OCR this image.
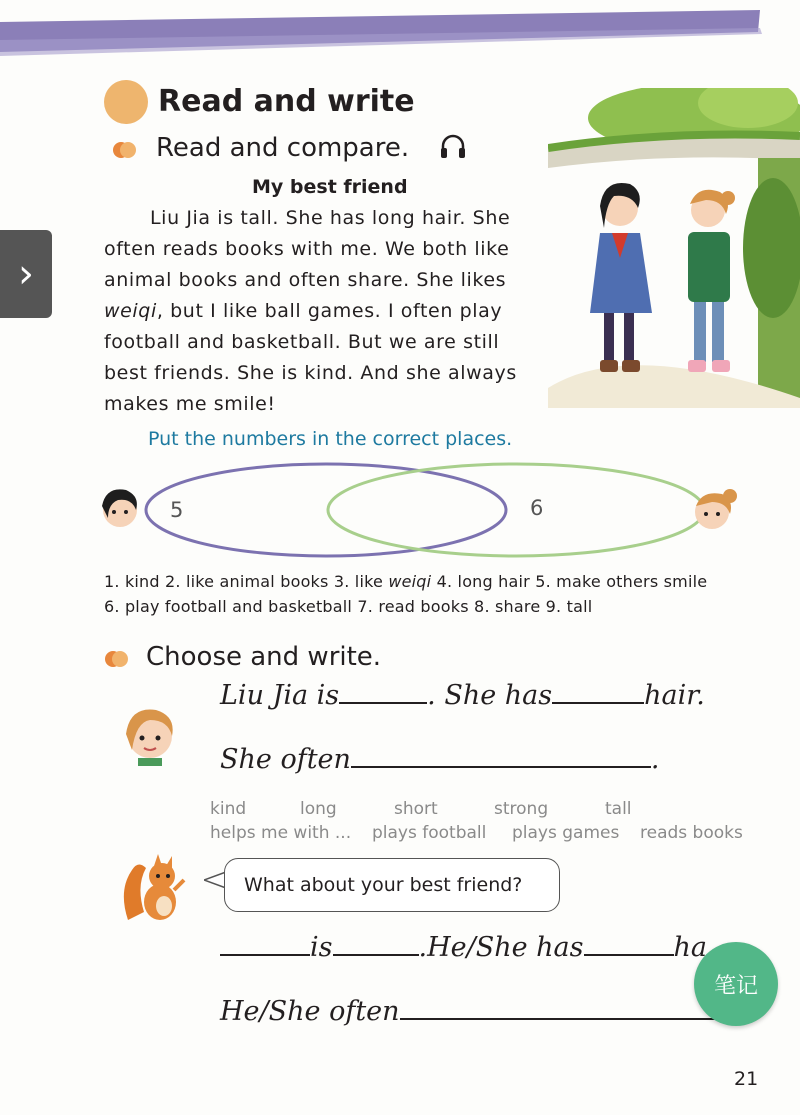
›
Read and write
Read and compare.
My best friend
Liu Jia is tall. She has long hair. She
often reads books with me. We both like
animal books and often share. She likes
weiqi, but I like ball games. I often play
football and basketball. But we are still
best friends. She is kind. And she always
makes me smile!
Put the numbers in the correct places.
5	6
1. kind 2. like animal books 3. like weiqi 4. long hair 5. make others smile
6. play football and basketball 7. read books 8. share 9. tall
Choose and write.
Liu Jia is	. She has	hair.
She often	.
kind	long	short	strong	tall
helps me with ... plays football plays games reads books
What about your best friend?
is	.He/She has	ha
He/She often
笔记
21
